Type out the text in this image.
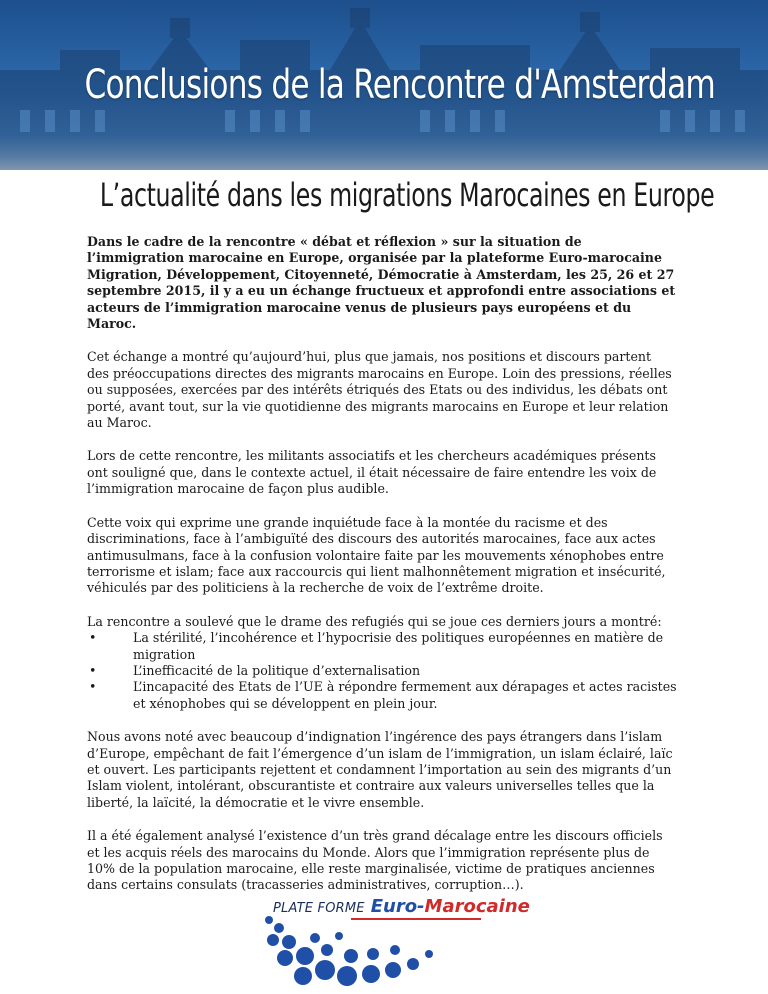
Conclusions de la Rencontre d'Amsterdam
L’actualité dans les migrations Marocaines en Europe

Dans le cadre de la rencontre « débat et réflexion » sur la situation de l’immigration marocaine en Europe, organisée par la plateforme Euro-marocaine Migration, Développement, Citoyenneté, Démocratie à Amsterdam, les 25, 26 et 27 septembre 2015, il y a eu un échange fructueux et approfondi entre associations et acteurs de l’immigration marocaine venus de plusieurs pays européens et du Maroc.

Cet échange a montré qu’aujourd’hui, plus que jamais, nos positions et discours partent des préoccupations directes des migrants marocains en Europe. Loin des pressions, réelles ou supposées, exercées par des intérêts étriqués des Etats ou des individus, les débats ont porté, avant tout, sur la vie quotidienne des migrants marocains en Europe et leur relation au Maroc.

Lors de cette rencontre, les militants associatifs et les chercheurs académiques présents ont souligné que, dans le contexte actuel, il était nécessaire de faire entendre les voix de l’immigration marocaine de façon plus audible.

Cette voix qui exprime une grande inquiétude face à la montée du racisme et des discriminations, face à l’ambiguïté des discours des autorités marocaines, face aux actes antimusulmans, face à la confusion volontaire faite par les mouvements xénophobes entre terrorisme et islam; face aux raccourcis qui lient malhonnêtement migration et insécurité, véhiculés par des politiciens à la recherche de voix de l’extrême droite.

La rencontre a soulevé que le drame des refugiés qui se joue ces derniers jours a montré:

•	La stérilité, l’incohérence et l’hypocrisie des politiques européennes en matière de migration
•	L’inefficacité de la politique d’externalisation
•	L’incapacité des Etats de l’UE à répondre fermement aux dérapages et actes racistes et xénophobes qui se développent en plein jour.

Nous avons noté avec beaucoup d’indignation l’ingérence des pays étrangers dans l’islam d’Europe, empêchant de fait l’émergence d’un islam de l’immigration, un islam éclairé, laïc et ouvert. Les participants rejettent et condamnent l’importation au sein des migrants d’un Islam violent, intolérant, obscurantiste et contraire aux valeurs universelles telles que la liberté, la laïcité, la démocratie et le vivre ensemble.

Il a été également analysé l’existence d’un très grand décalage entre les discours officiels et les acquis réels des marocains du Monde. Alors que l’immigration représente plus de 10% de la population marocaine, elle reste marginalisée, victime de pratiques anciennes dans certains consulats (tracasseries administratives, corruption…).

PLATE FORME Euro-Marocaine
